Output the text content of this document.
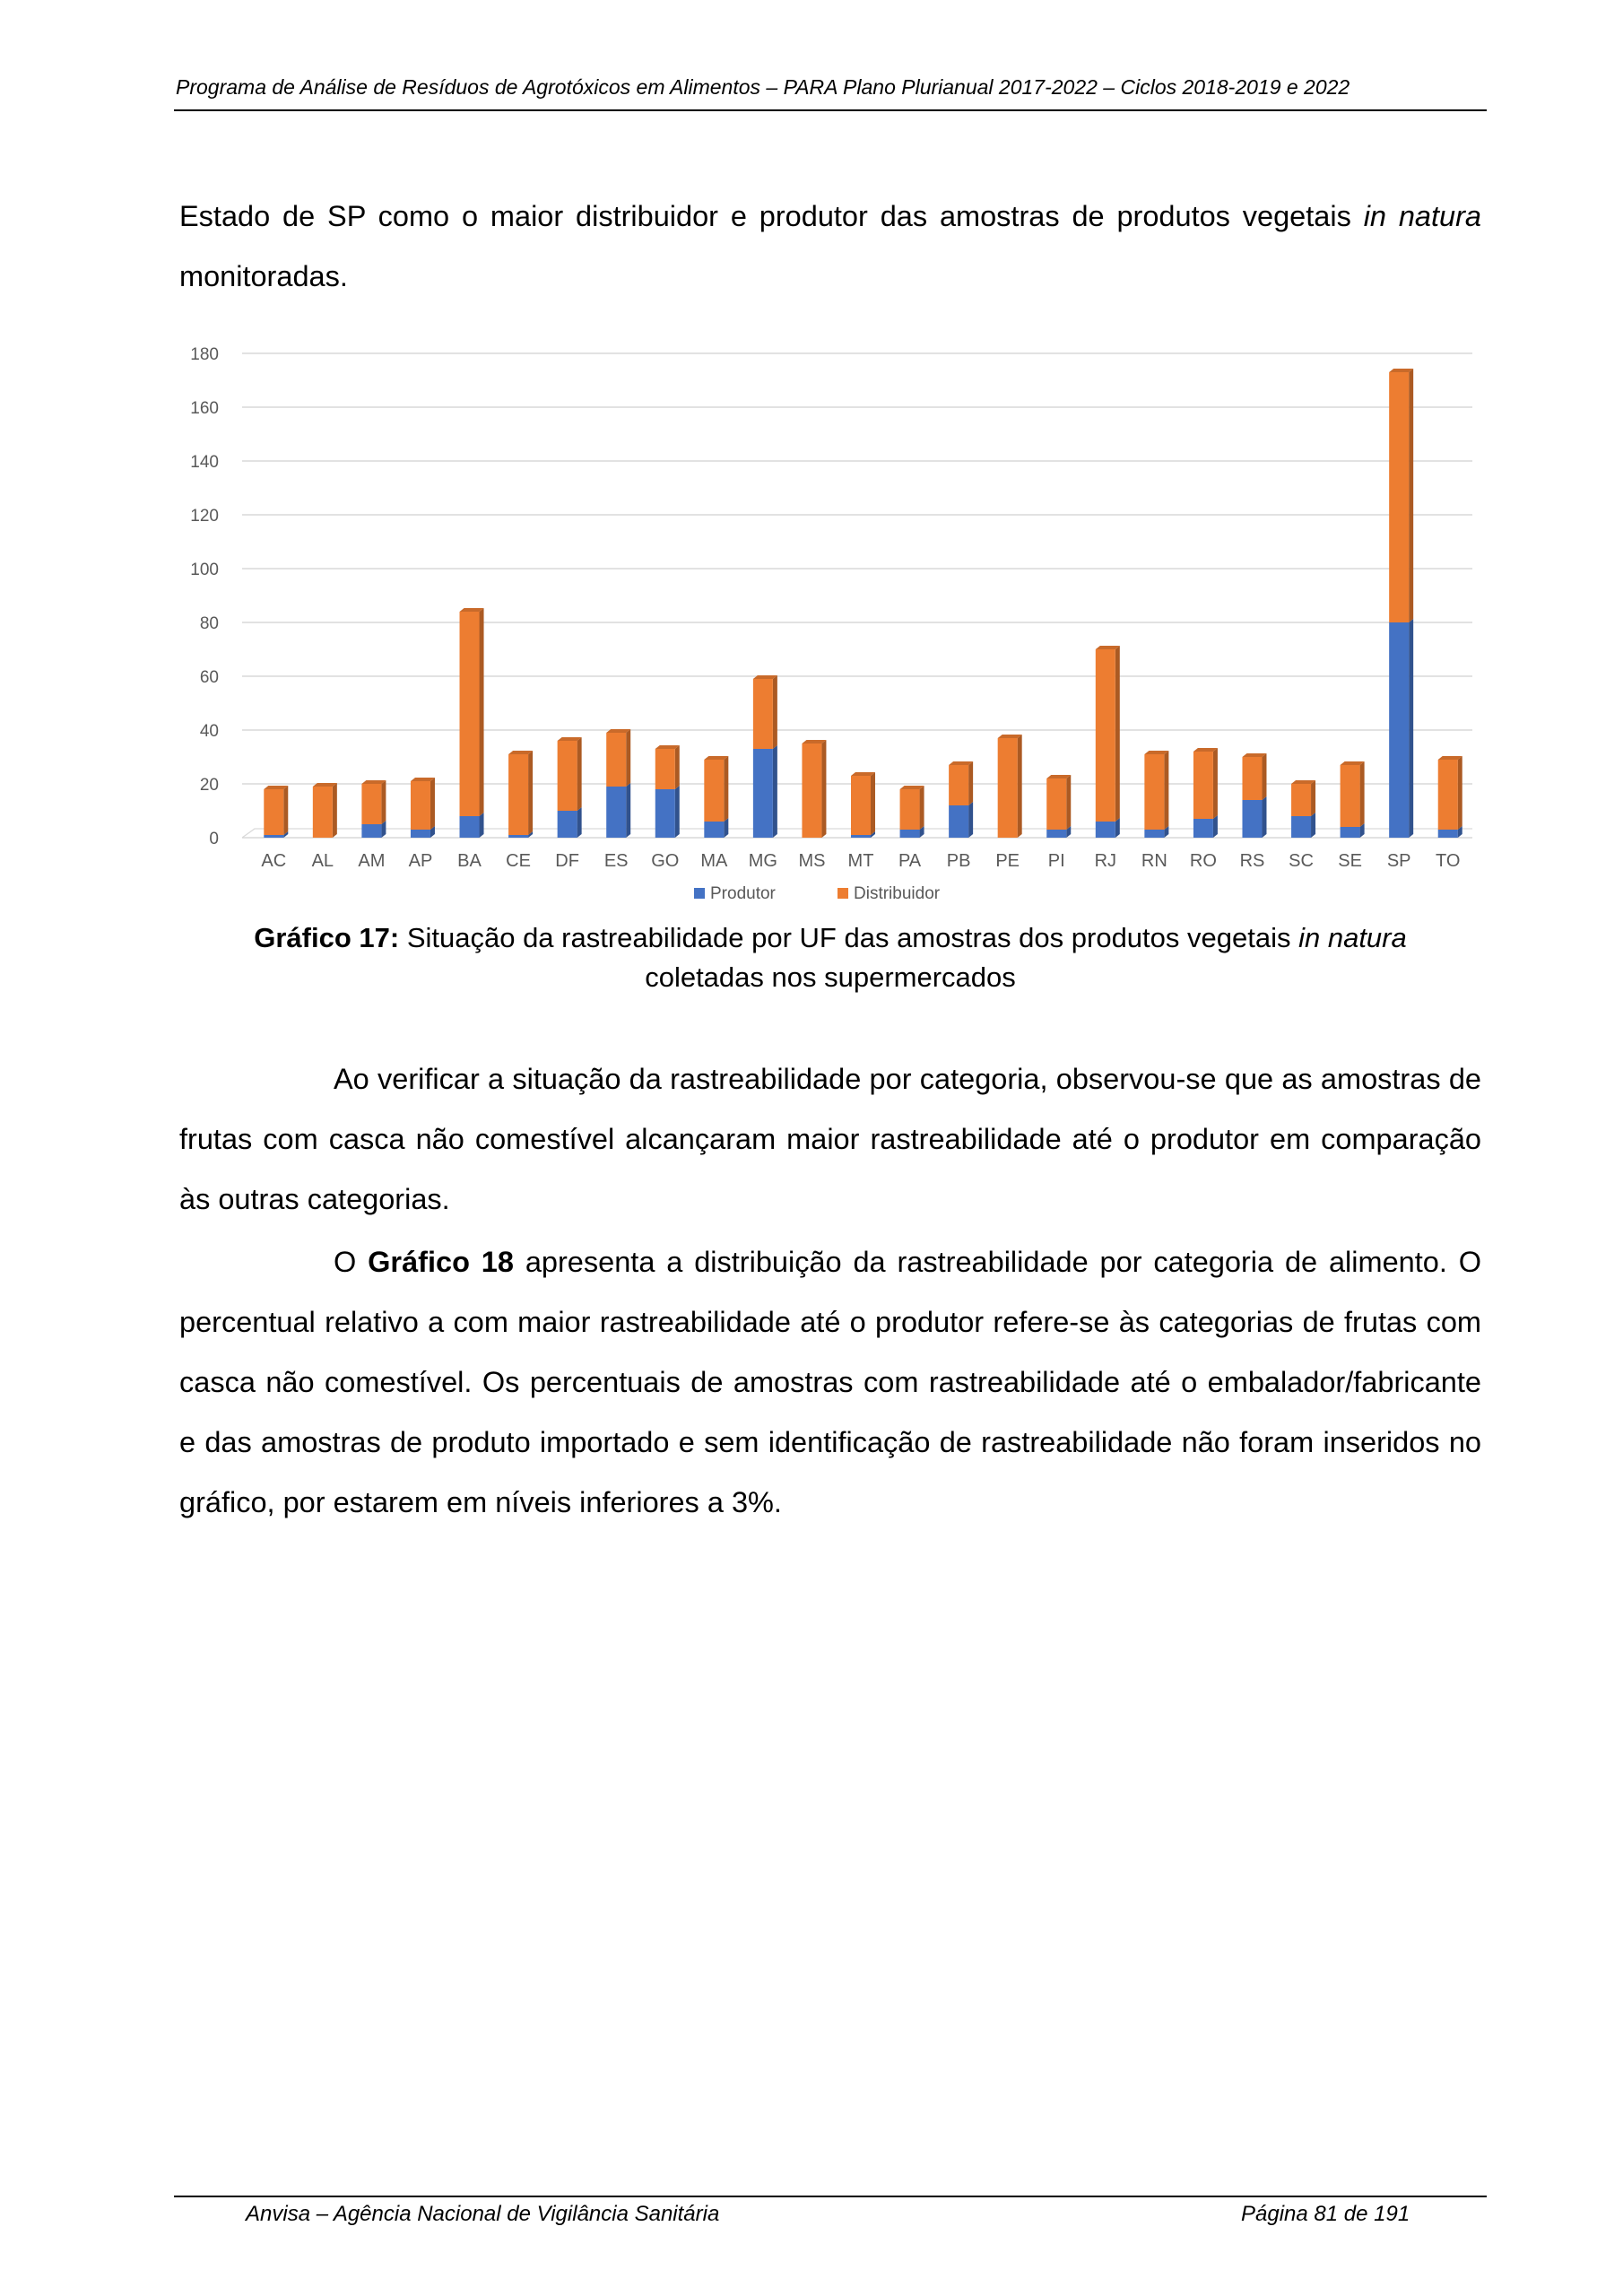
Programa de Análise de Resíduos de Agrotóxicos em Alimentos – PARA Plano Plurianual 2017-2022 – Ciclos 2018-2019 e 2022
Estado de SP como o maior distribuidor e produtor das amostras de produtos vegetais in natura monitoradas.
0
20
40
60
80
100
120
140
160
180
AC AL AM AP BA CE DF ES GO MA MG MS MT PA PB PE PI RJ RN RO RS SC SE SP TO
Produtor	Distribuidor
Gráfico 17: Situação da rastreabilidade por UF das amostras dos produtos vegetais in natura
coletadas nos supermercados
Ao verificar a situação da rastreabilidade por categoria, observou-se que as amostras de frutas com casca não comestível alcançaram maior rastreabilidade até o produtor em comparação às outras categorias.
O Gráfico 18 apresenta a distribuição da rastreabilidade por categoria de alimento. O percentual relativo a com maior rastreabilidade até o produtor refere-se às categorias de frutas com casca não comestível. Os percentuais de amostras com rastreabilidade até o embalador/fabricante e das amostras de produto importado e sem identificação de rastreabilidade não foram inseridos no gráfico, por estarem em níveis inferiores a 3%.
Anvisa – Agência Nacional de Vigilância Sanitária	Página 81 de 191
